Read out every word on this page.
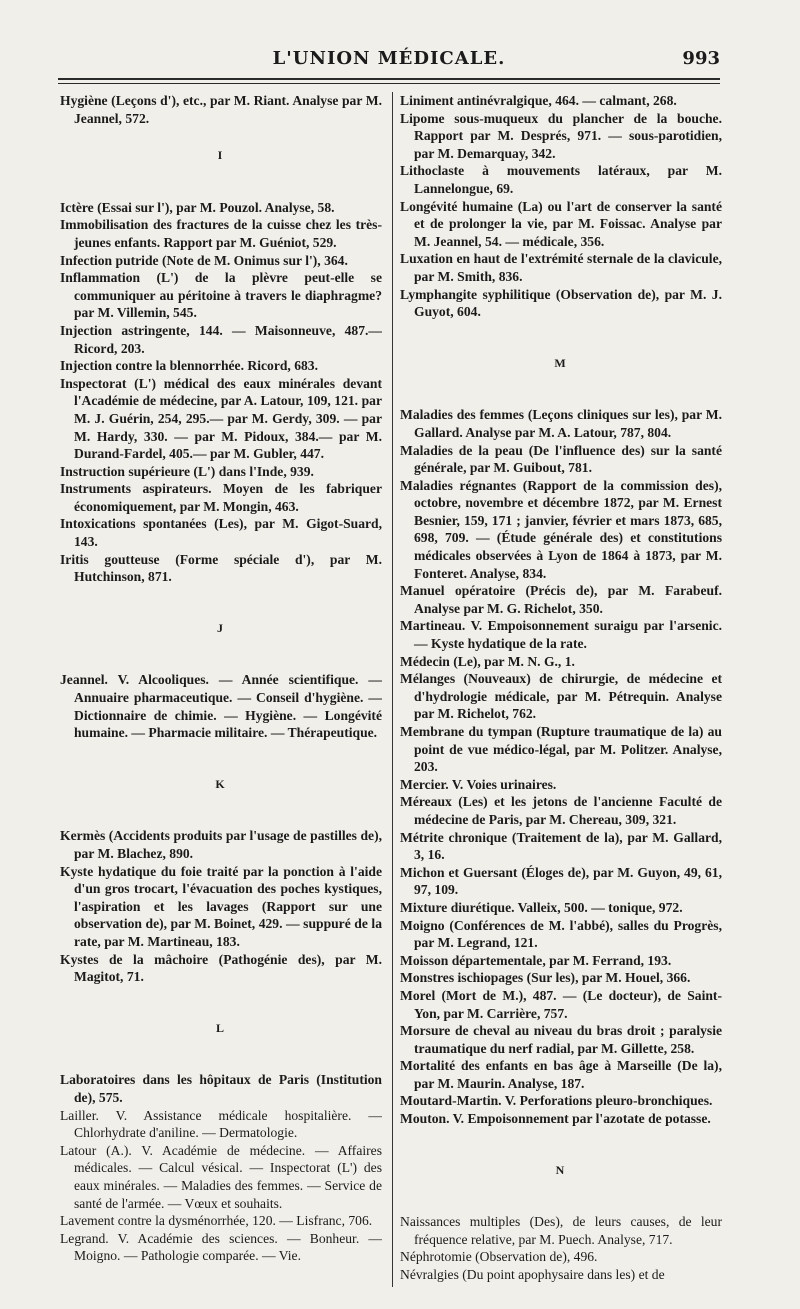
L'UNION MÉDICALE.	993

Hygiène (Leçons d'), etc., par M. Riant. Analyse par M. Jeannel, 572.

I

Ictère (Essai sur l'), par M. Pouzol. Analyse, 58.

Immobilisation des fractures de la cuisse chez les très-jeunes enfants. Rapport par M. Guéniot, 529.

Infection putride (Note de M. Onimus sur l'), 364.

Inflammation (L') de la plèvre peut-elle se communiquer au péritoine à travers le diaphragme? par M. Villemin, 545.

Injection astringente, 144. — Maisonneuve, 487.— Ricord, 203.

Injection contre la blennorrhée. Ricord, 683.

Inspectorat (L') médical des eaux minérales devant l'Académie de médecine, par A. Latour, 109, 121. par M. J. Guérin, 254, 295.— par M. Gerdy, 309. — par M. Hardy, 330. — par M. Pidoux, 384.— par M. Durand-Fardel, 405.— par M. Gubler, 447.

Instruction supérieure (L') dans l'Inde, 939.

Instruments aspirateurs. Moyen de les fabriquer économiquement, par M. Mongin, 463.

Intoxications spontanées (Les), par M. Gigot-Suard, 143.

Iritis goutteuse (Forme spéciale d'), par M. Hutchinson, 871.

J

Jeannel. V. Alcooliques. — Année scientifique. — Annuaire pharmaceutique. — Conseil d'hygiène. — Dictionnaire de chimie. — Hygiène. — Longévité humaine. — Pharmacie militaire. — Thérapeutique.

K

Kermès (Accidents produits par l'usage de pastilles de), par M. Blachez, 890.

Kyste hydatique du foie traité par la ponction à l'aide d'un gros trocart, l'évacuation des poches kystiques, l'aspiration et les lavages (Rapport sur une observation de), par M. Boinet, 429. — suppuré de la rate, par M. Martineau, 183.

Kystes de la mâchoire (Pathogénie des), par M. Magitot, 71.

L

Laboratoires dans les hôpitaux de Paris (Institution de), 575.

Lailler. V. Assistance médicale hospitalière. — Chlorhydrate d'aniline. — Dermatologie.

Latour (A.). V. Académie de médecine. — Affaires médicales. — Calcul vésical. — Inspectorat (L') des eaux minérales. — Maladies des femmes. — Service de santé de l'armée. — Vœux et souhaits.

Lavement contre la dysménorrhée, 120. — Lisfranc, 706.

Legrand. V. Académie des sciences. — Bonheur. — Moigno. — Pathologie comparée. — Vie.

Liniment antinévralgique, 464. — calmant, 268.

Lipome sous-muqueux du plancher de la bouche. Rapport par M. Després, 971. — sous-parotidien, par M. Demarquay, 342.

Lithoclaste à mouvements latéraux, par M. Lannelongue, 69.

Longévité humaine (La) ou l'art de conserver la santé et de prolonger la vie, par M. Foissac. Analyse par M. Jeannel, 54. — médicale, 356.

Luxation en haut de l'extrémité sternale de la clavicule, par M. Smith, 836.

Lymphangite syphilitique (Observation de), par M. J. Guyot, 604.

M

Maladies des femmes (Leçons cliniques sur les), par M. Gallard. Analyse par M. A. Latour, 787, 804.

Maladies de la peau (De l'influence des) sur la santé générale, par M. Guibout, 781.

Maladies régnantes (Rapport de la commission des), octobre, novembre et décembre 1872, par M. Ernest Besnier, 159, 171 ; janvier, février et mars 1873, 685, 698, 709. — (Étude générale des) et constitutions médicales observées à Lyon de 1864 à 1873, par M. Fonteret. Analyse, 834.

Manuel opératoire (Précis de), par M. Farabeuf. Analyse par M. G. Richelot, 350.

Martineau. V. Empoisonnement suraigu par l'arsenic. — Kyste hydatique de la rate.

Médecin (Le), par M. N. G., 1.

Mélanges (Nouveaux) de chirurgie, de médecine et d'hydrologie médicale, par M. Pétrequin. Analyse par M. Richelot, 762.

Membrane du tympan (Rupture traumatique de la) au point de vue médico-légal, par M. Politzer. Analyse, 203.

Mercier. V. Voies urinaires.

Méreaux (Les) et les jetons de l'ancienne Faculté de médecine de Paris, par M. Chereau, 309, 321.

Métrite chronique (Traitement de la), par M. Gallard, 3, 16.

Michon et Guersant (Éloges de), par M. Guyon, 49, 61, 97, 109.

Mixture diurétique. Valleix, 500. — tonique, 972.

Moigno (Conférences de M. l'abbé), salles du Progrès, par M. Legrand, 121.

Moisson départementale, par M. Ferrand, 193.

Monstres ischiopages (Sur les), par M. Houel, 366.

Morel (Mort de M.), 487. — (Le docteur), de Saint-Yon, par M. Carrière, 757.

Morsure de cheval au niveau du bras droit ; paralysie traumatique du nerf radial, par M. Gillette, 258.

Mortalité des enfants en bas âge à Marseille (De la), par M. Maurin. Analyse, 187.

Moutard-Martin. V. Perforations pleuro-bronchiques.

Mouton. V. Empoisonnement par l'azotate de potasse.

N

Naissances multiples (Des), de leurs causes, de leur fréquence relative, par M. Puech. Analyse, 717.

Néphrotomie (Observation de), 496.

Névralgies (Du point apophysaire dans les) et de
